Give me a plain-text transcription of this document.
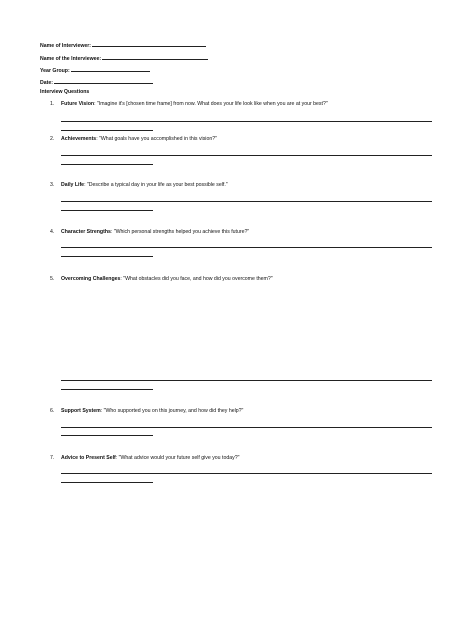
Name of Interviewer:
Name of the Interviewee:
Year Group:
Date:
Interview Questions
1. Future Vision: "Imagine it's [chosen time frame] from now. What does your life look like when you are at your best?"
2. Achievements: "What goals have you accomplished in this vision?"
3. Daily Life: "Describe a typical day in your life as your best possible self."
4. Character Strengths: "Which personal strengths helped you achieve this future?"
5. Overcoming Challenges: "What obstacles did you face, and how did you overcome them?"
6. Support System: "Who supported you on this journey, and how did they help?"
7. Advice to Present Self: "What advice would your future self give you today?"
